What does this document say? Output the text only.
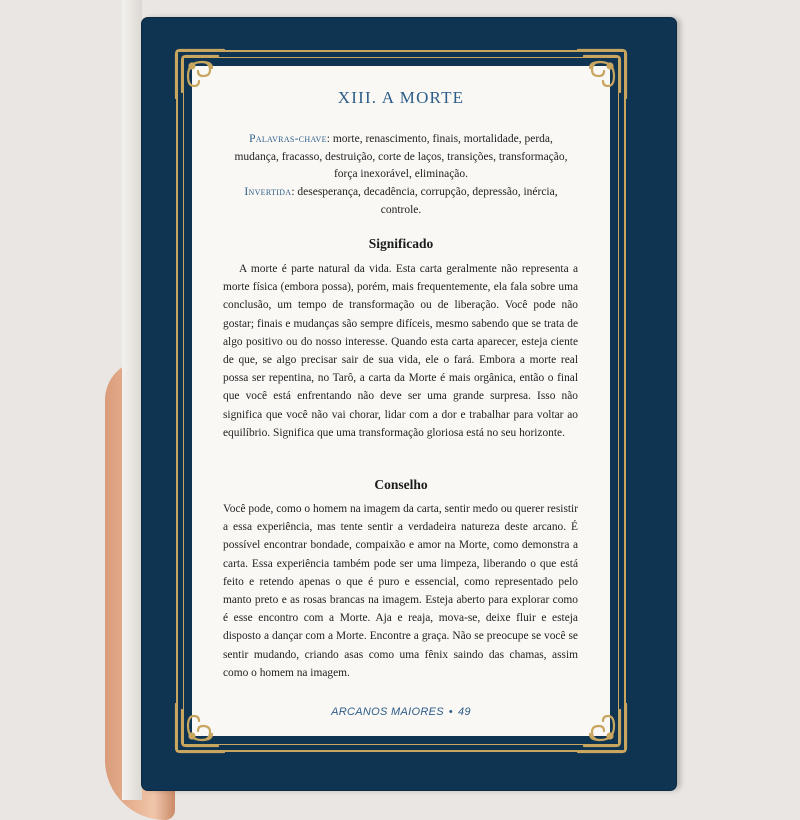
XIII. A MORTE
Palavras-chave: morte, renascimento, finais, mortalidade, perda, mudança, fracasso, destruição, corte de laços, transições, transformação, força inexorável, eliminação.
Invertida: desesperança, decadência, corrupção, depressão, inércia, controle.
Significado
A morte é parte natural da vida. Esta carta geralmente não representa a morte física (embora possa), porém, mais frequentemente, ela fala sobre uma conclusão, um tempo de transformação ou de liberação. Você pode não gostar; finais e mudanças são sempre difíceis, mesmo sabendo que se trata de algo positivo ou do nosso interesse. Quando esta carta aparecer, esteja ciente de que, se algo precisar sair de sua vida, ele o fará. Embora a morte real possa ser repentina, no Tarô, a carta da Morte é mais orgânica, então o final que você está enfrentando não deve ser uma grande surpresa. Isso não significa que você não vai chorar, lidar com a dor e trabalhar para voltar ao equilíbrio. Significa que uma transformação gloriosa está no seu horizonte.
Conselho
Você pode, como o homem na imagem da carta, sentir medo ou querer resistir a essa experiência, mas tente sentir a verdadeira natureza deste arcano. É possível encontrar bondade, compaixão e amor na Morte, como demonstra a carta. Essa experiência também pode ser uma limpeza, liberando o que está feito e retendo apenas o que é puro e essencial, como representado pelo manto preto e as rosas brancas na imagem. Esteja aberto para explorar como é esse encontro com a Morte. Aja e reaja, mova-se, deixe fluir e esteja disposto a dançar com a Morte. Encontre a graça. Não se preocupe se você se sentir mudando, criando asas como uma fênix saindo das chamas, assim como o homem na imagem.
ARCANOS MAIORES • 49
